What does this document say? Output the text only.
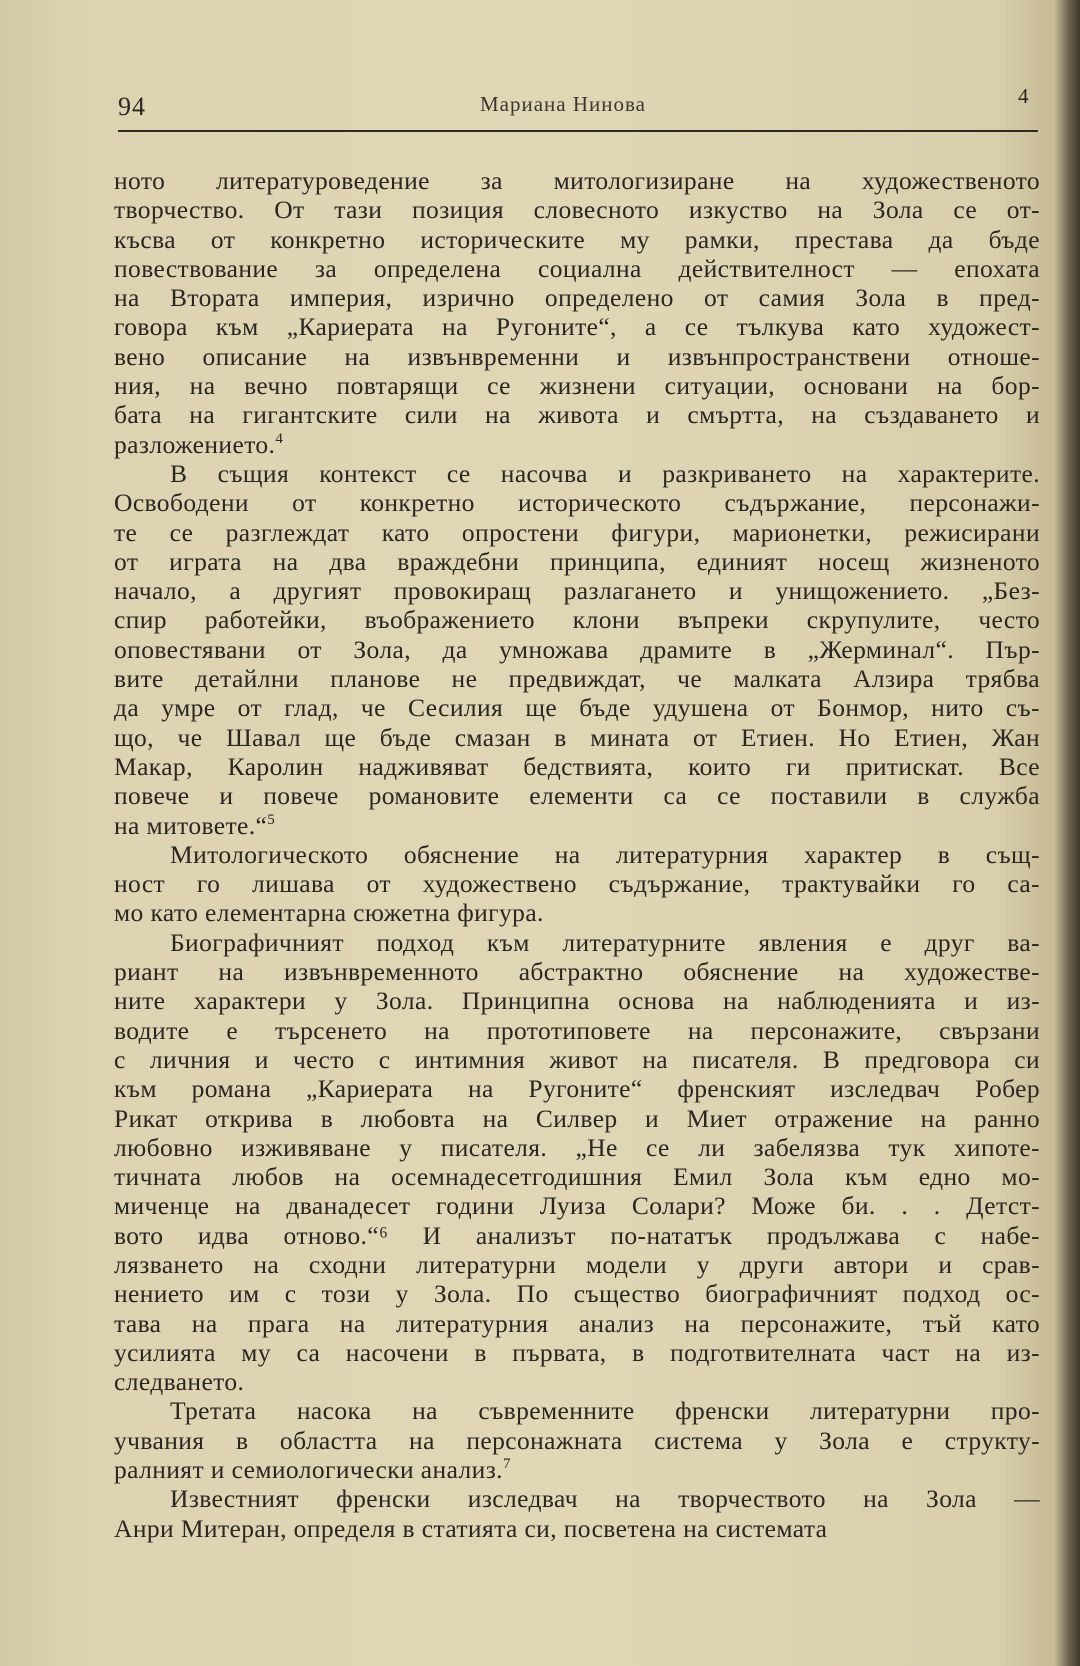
94	Мариана Нинова	4
ното литературоведение за митологизиране на художественото
творчество. От тази позиция словесното изкуство на Зола се от-
късва от конкретно историческите му рамки, престава да бъде
повествование за определена социална действителност — епохата
на Втората империя, изрично определено от самия Зола в пред-
говора към „Кариерата на Ругоните“, а се тълкува като художест-
вено описание на извънвременни и извънпространствени отноше-
ния, на вечно повтарящи се жизнени ситуации, основани на бор-
бата на гигантските сили на живота и смъртта, на създаването и
разложението.$^4$
В същия контекст се насочва и разкриването на характерите.
Освободени от конкретно историческото съдържание, персонажи-
те се разглеждат като опростени фигури, марионетки, режисирани
от играта на два враждебни принципа, единият носещ жизненото
начало, а другият провокиращ разлагането и унищожението. „Без-
спир работейки, въображението клони въпреки скрупулите, често
оповестявани от Зола, да умножава драмите в „Жерминал“. Пър-
вите детайлни планове не предвиждат, че малката Алзира трябва
да умре от глад, че Сесилия ще бъде удушена от Бонмор, нито съ-
що, че Шавал ще бъде смазан в мината от Етиен. Но Етиен, Жан
Макар, Каролин надживяват бедствията, които ги притискат. Все
повече и повече романовите елементи са се поставили в служба
на митовете.“$^5$
Митологическото обяснение на литературния характер в същ-
ност го лишава от художествено съдържание, трактувайки го са-
мо като елементарна сюжетна фигура.
Биографичният подход към литературните явления е друг ва-
риант на извънвременното абстрактно обяснение на художестве-
ните характери у Зола. Принципна основа на наблюденията и из-
водите е търсенето на прототиповете на персонажите, свързани
с личния и често с интимния живот на писателя. В предговора си
към романа „Кариерата на Ругоните“ френският изследвач Робер
Рикат открива в любовта на Силвер и Миет отражение на ранно
любовно изживяване у писателя. „Не се ли забелязва тук хипоте-
тичната любов на осемнадесетгодишния Емил Зола към едно мо-
миченце на дванадесет години Луиза Солари? Може би. . . Детст-
вото идва отново.“⁶ И анализът по-нататък продължава с набе-
лязването на сходни литературни модели у други автори и срав-
нението им с този у Зола. По същество биографичният подход ос-
тава на прага на литературния анализ на персонажите, тъй като
усилията му са насочени в първата, в подготвителната част на из-
следването.
Третата насока на съвременните френски литературни про-
учвания в областта на персонажната система у Зола е структу-
ралният и семиологически анализ.$^7$
Известният френски изследвач на творчеството на Зола —
Анри Митеран, определя в статията си, посветена на системата
